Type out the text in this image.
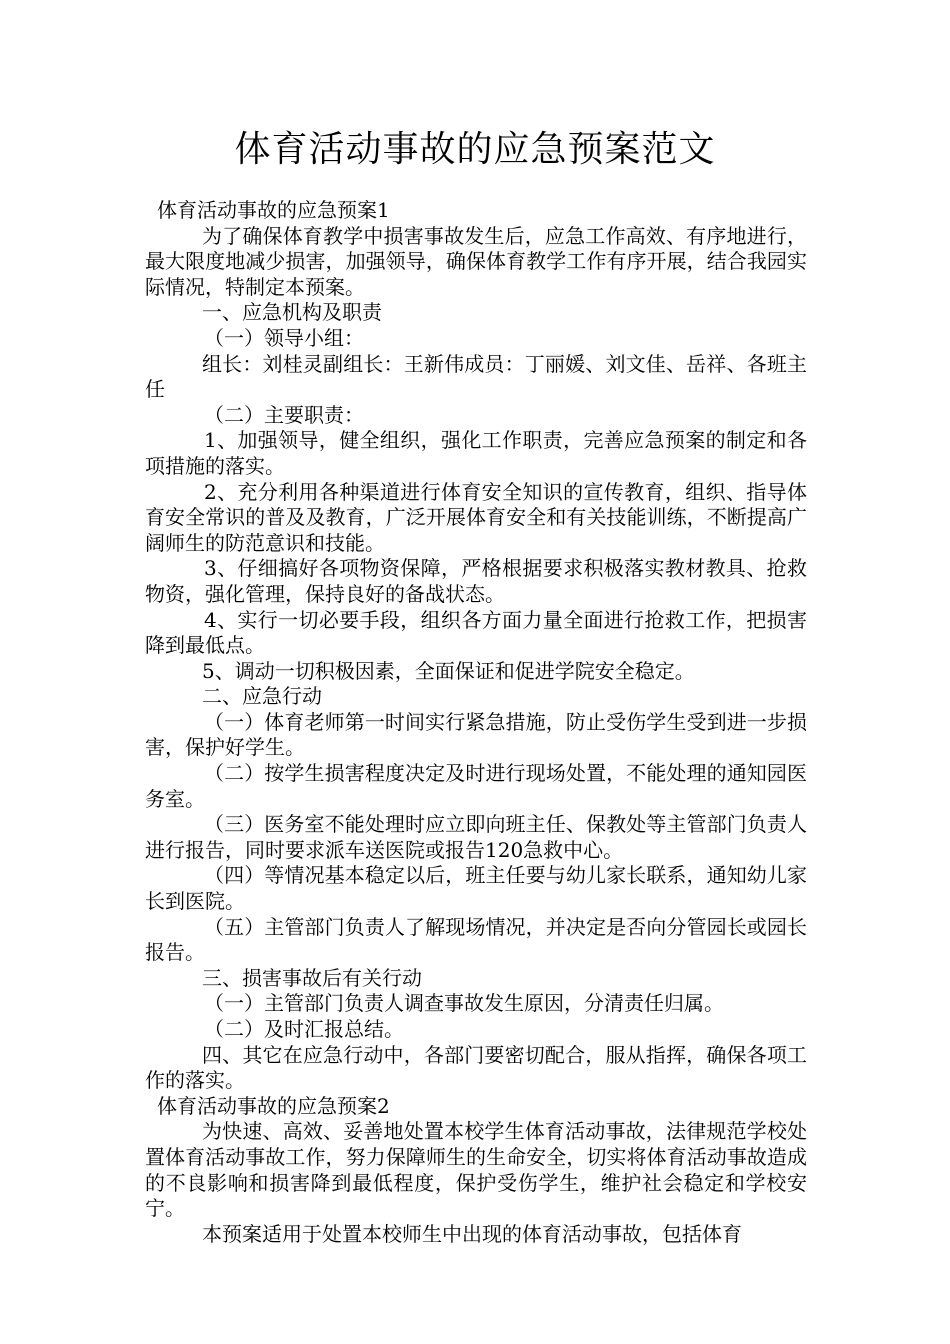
体育活动事故的应急预案范文

体育活动事故的应急预案1

为了确保体育教学中损害事故发生后，应急工作高效、有序地进行，最大限度地减少损害，加强领导，确保体育教学工作有序开展，结合我园实际情况，特制定本预案。

一、应急机构及职责

（一）领导小组：

组长：刘桂灵副组长：王新伟成员：丁丽媛、刘文佳、岳祥、各班主任

（二）主要职责：

1、加强领导，健全组织，强化工作职责，完善应急预案的制定和各项措施的落实。

2、充分利用各种渠道进行体育安全知识的宣传教育，组织、指导体育安全常识的普及及教育，广泛开展体育安全和有关技能训练，不断提高广阔师生的防范意识和技能。

3、仔细搞好各项物资保障，严格根据要求积极落实教材教具、抢救物资，强化管理，保持良好的备战状态。

4、实行一切必要手段，组织各方面力量全面进行抢救工作，把损害降到最低点。

5、调动一切积极因素，全面保证和促进学院安全稳定。

二、应急行动

（一）体育老师第一时间实行紧急措施，防止受伤学生受到进一步损害，保护好学生。

（二）按学生损害程度决定及时进行现场处置，不能处理的通知园医务室。

（三）医务室不能处理时应立即向班主任、保教处等主管部门负责人进行报告，同时要求派车送医院或报告120急救中心。

（四）等情况基本稳定以后，班主任要与幼儿家长联系，通知幼儿家长到医院。

（五）主管部门负责人了解现场情况，并决定是否向分管园长或园长报告。

三、损害事故后有关行动

（一）主管部门负责人调查事故发生原因，分清责任归属。

（二）及时汇报总结。

四、其它在应急行动中，各部门要密切配合，服从指挥，确保各项工作的落实。

体育活动事故的应急预案2

为快速、高效、妥善地处置本校学生体育活动事故，法律规范学校处置体育活动事故工作，努力保障师生的生命安全，切实将体育活动事故造成的不良影响和损害降到最低程度，保护受伤学生，维护社会稳定和学校安宁。

本预案适用于处置本校师生中出现的体育活动事故，包括体育
